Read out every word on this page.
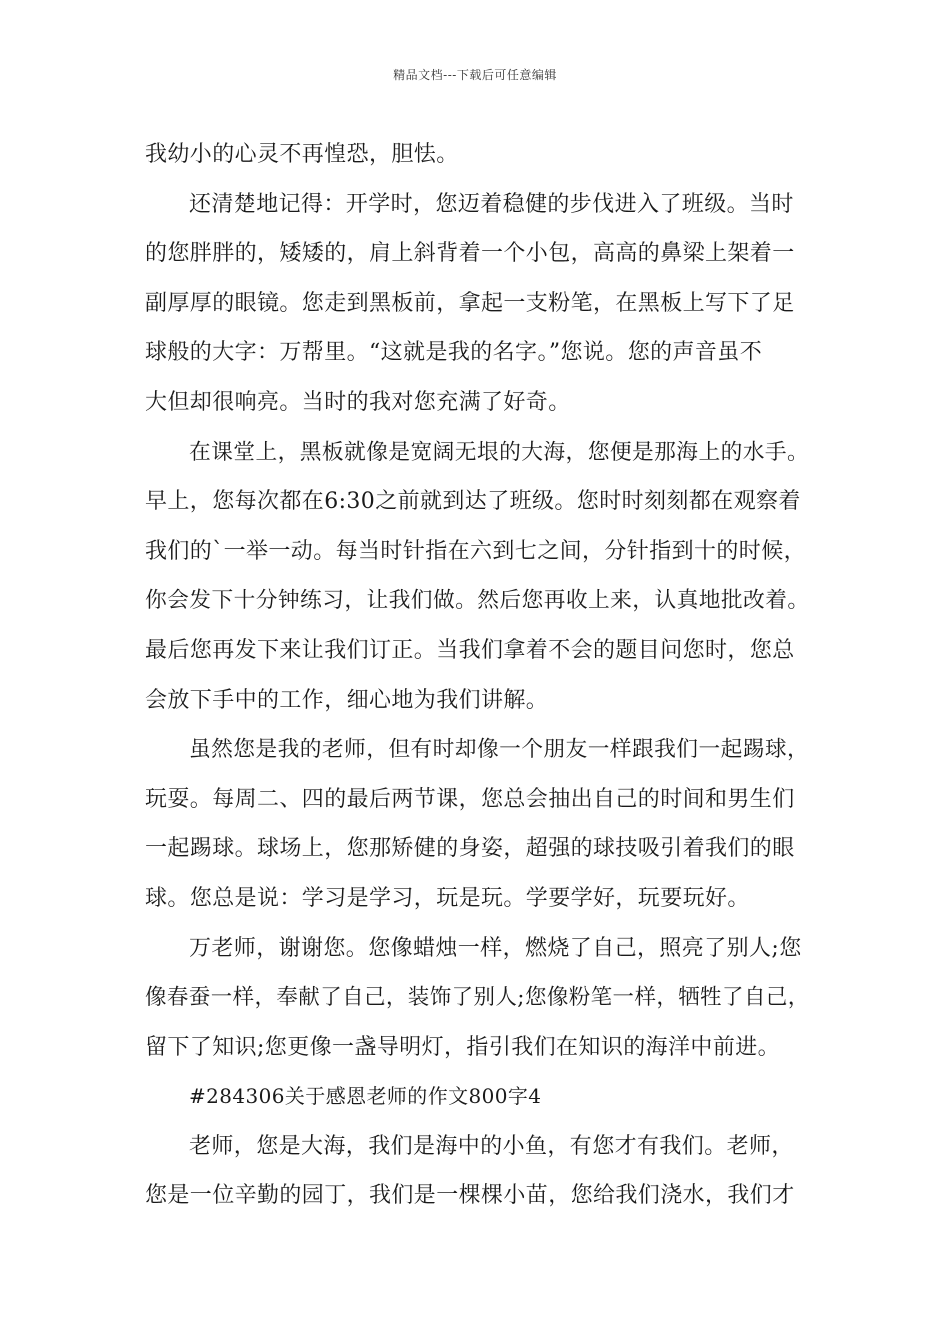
精品文档---下载后可任意编辑
我幼小的心灵不再惶恐，胆怯。
还清楚地记得：开学时，您迈着稳健的步伐进入了班级。当时
的您胖胖的，矮矮的，肩上斜背着一个小包，高高的鼻梁上架着一
副厚厚的眼镜。您走到黑板前，拿起一支粉笔，在黑板上写下了足
球般的大字：万帮里。“这就是我的名字。”您说。您的声音虽不
大但却很响亮。当时的我对您充满了好奇。
在课堂上，黑板就像是宽阔无垠的大海，您便是那海上的水手。
早上，您每次都在6:30之前就到达了班级。您时时刻刻都在观察着
我们的`一举一动。每当时针指在六到七之间，分针指到十的时候，
你会发下十分钟练习，让我们做。然后您再收上来，认真地批改着。
最后您再发下来让我们订正。当我们拿着不会的题目问您时，您总
会放下手中的工作，细心地为我们讲解。
虽然您是我的老师，但有时却像一个朋友一样跟我们一起踢球，
玩耍。每周二、四的最后两节课，您总会抽出自己的时间和男生们
一起踢球。球场上，您那矫健的身姿，超强的球技吸引着我们的眼
球。您总是说：学习是学习，玩是玩。学要学好，玩要玩好。
万老师，谢谢您。您像蜡烛一样，燃烧了自己，照亮了别人;您
像春蚕一样，奉献了自己，装饰了别人;您像粉笔一样，牺牲了自己，
留下了知识;您更像一盏导明灯，指引我们在知识的海洋中前进。
#284306关于感恩老师的作文800字4
老师，您是大海，我们是海中的小鱼，有您才有我们。老师，
您是一位辛勤的园丁，我们是一棵棵小苗，您给我们浇水，我们才
